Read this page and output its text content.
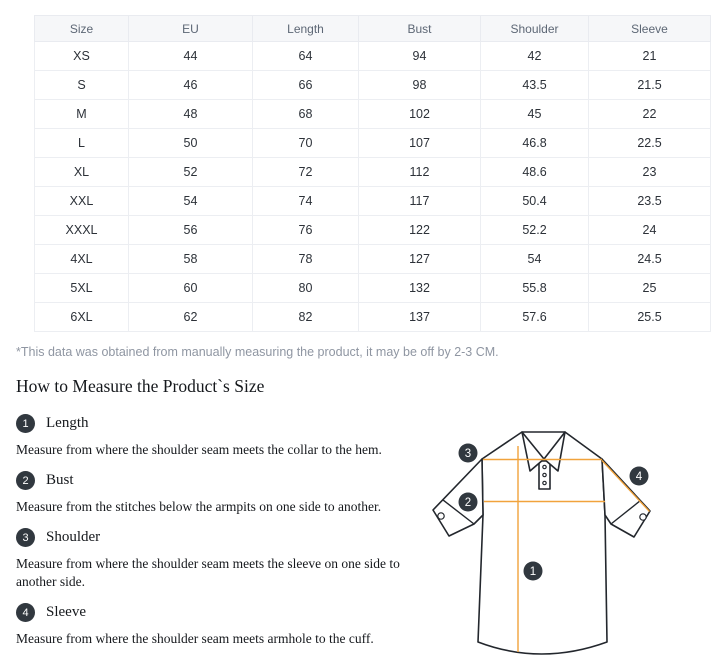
Size	EU	Length	Bust	Shoulder	Sleeve
XS	44	64	94	42	21
S	46	66	98	43.5	21.5
M	48	68	102	45	22
L	50	70	107	46.8	22.5
XL	52	72	112	48.6	23
XXL	54	74	117	50.4	23.5
XXXL	56	76	122	52.2	24
4XL	58	78	127	54	24.5
5XL	60	80	132	55.8	25
6XL	62	82	137	57.6	25.5

*This data was obtained from manually measuring the product, it may be off by 2-3 CM.

How to Measure the Product`s Size
1	Length

Measure from where the shoulder seam meets the collar to the hem.

2	Bust

Measure from the stitches below the armpits on one side to another.

3	Shoulder

Measure from where the shoulder seam meets the sleeve on one side to another side.

4	Sleeve

Measure from where the shoulder seam meets armhole to the cuff.

1
2
3
4
